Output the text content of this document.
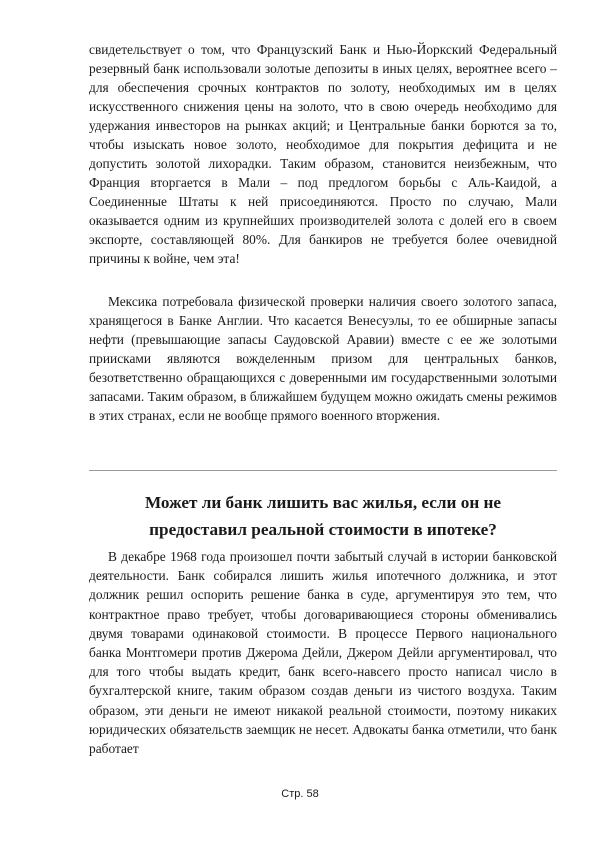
свидетельствует о том, что Французский Банк и Нью-Йоркский Федеральный резервный банк использовали золотые депозиты в иных целях, вероятнее всего – для обеспечения срочных контрактов по золоту, необходимых им в целях искусственного снижения цены на золото, что в свою очередь необходимо для удержания инвесторов на рынках акций; и Центральные банки борются за то, чтобы изыскать новое золото, необходимое для покрытия дефицита и не допустить золотой лихорадки. Таким образом, становится неизбежным, что Франция вторгается в Мали – под предлогом борьбы с Аль-Каидой, а Соединенные Штаты к ней присоединяются. Просто по случаю, Мали оказывается одним из крупнейших производителей золота с долей его в своем экспорте, составляющей 80%. Для банкиров не требуется более очевидной причины к войне, чем эта!

Мексика потребовала физической проверки наличия своего золотого запаса, хранящегося в Банке Англии. Что касается Венесуэлы, то ее обширные запасы нефти (превышающие запасы Саудовской Аравии) вместе с ее же золотыми приисками являются вожделенным призом для центральных банков, безответственно обращающихся с доверенными им государственными золотыми запасами. Таким образом, в ближайшем будущем можно ожидать смены режимов в этих странах, если не вообще прямого военного вторжения.

Может ли банк лишить вас жилья, если он не
предоставил реальной стоимости в ипотеке?

В декабре 1968 года произошел почти забытый случай в истории банковской деятельности. Банк собирался лишить жилья ипотечного должника, и этот должник решил оспорить решение банка в суде, аргументируя это тем, что контрактное право требует, чтобы договаривающиеся стороны обменивались двумя товарами одинаковой стоимости. В процессе Первого национального банка Монтгомери против Джерома Дейли, Джером Дейли аргументировал, что для того чтобы выдать кредит, банк всего-навсего просто написал число в бухгалтерской книге, таким образом создав деньги из чистого воздуха. Таким образом, эти деньги не имеют никакой реальной стоимости, поэтому никаких юридических обязательств заемщик не несет. Адвокаты банка отметили, что банк работает

Стр. 58
